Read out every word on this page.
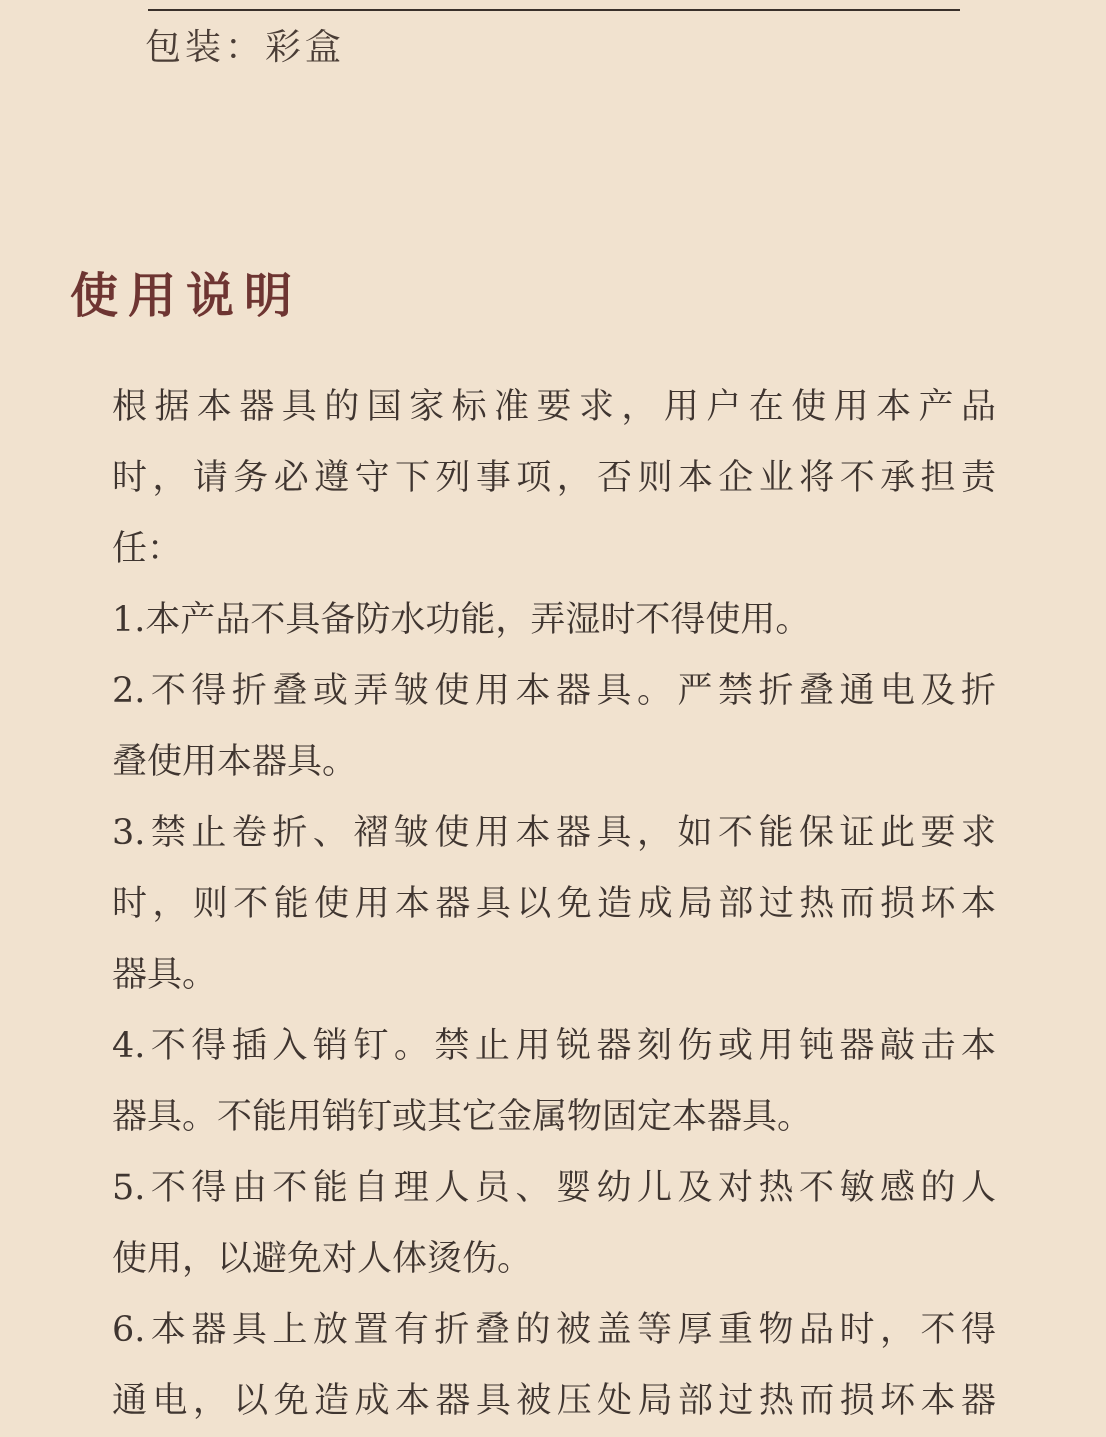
包装：彩盒
使用说明
根据本器具的国家标准要求，用户在使用本产品
时，请务必遵守下列事项，否则本企业将不承担责
任：
1.本产品不具备防水功能，弄湿时不得使用。
2.不得折叠或弄皱使用本器具。严禁折叠通电及折
叠使用本器具。
3.禁止卷折、褶皱使用本器具，如不能保证此要求
时，则不能使用本器具以免造成局部过热而损坏本
器具。
4.不得插入销钉。禁止用锐器刻伤或用钝器敲击本
器具。不能用销钉或其它金属物固定本器具。
5.不得由不能自理人员、婴幼儿及对热不敏感的人
使用，以避免对人体烫伤。
6.本器具上放置有折叠的被盖等厚重物品时，不得
通电，以免造成本器具被压处局部过热而损坏本器
